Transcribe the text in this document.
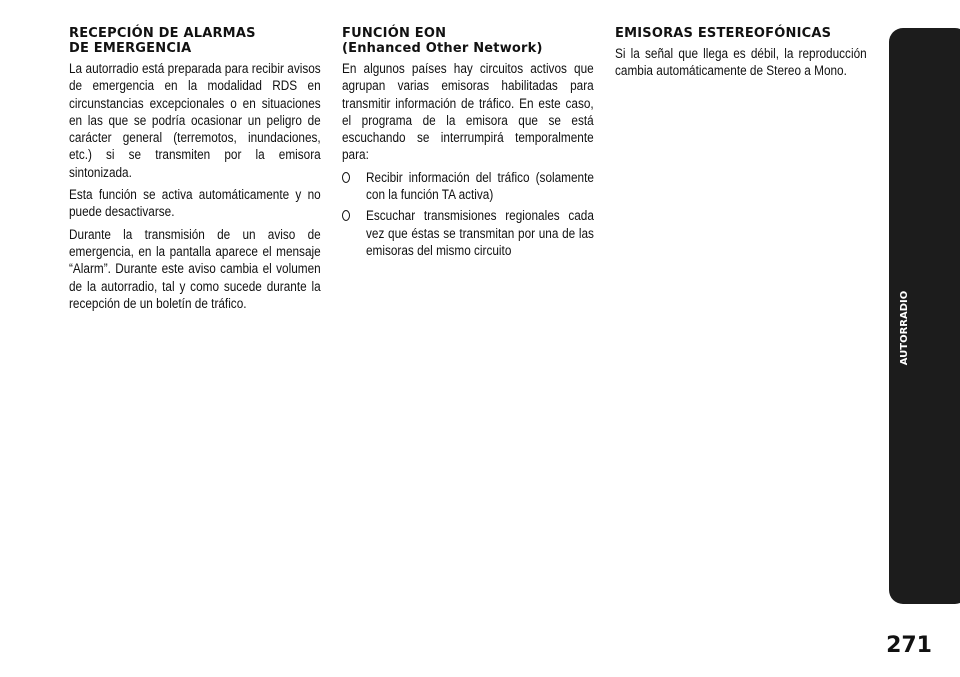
RECEPCIÓN DE ALARMAS
DE EMERGENCIA

La autorradio está preparada para recibir avisos de emergencia en la modalidad RDS en circunstancias excepcionales o en situaciones en las que se podría ocasionar un peligro de carácter general (terremotos, inundaciones, etc.) si se transmiten por la emisora sintonizada.

Esta función se activa automáticamente y no puede desactivarse.

Durante la transmisión de un aviso de emergencia, en la pantalla aparece el mensaje “Alarm”. Durante este aviso cambia el volumen de la autorradio, tal y como sucede durante la recepción de un boletín de tráfico.

FUNCIÓN EON
(Enhanced Other Network)

En algunos países hay circuitos activos que agrupan varias emisoras habilitadas para transmitir información de tráfico. En este caso, el programa de la emisora que se está escuchando se interrumpirá temporalmente para:

Recibir información del tráfico (solamente con la función TA activa)
Escuchar transmisiones regionales cada vez que éstas se transmitan por una de las emisoras del mismo circuito
EMISORAS ESTEREOFÓNICAS

Si la señal que llega es débil, la reproducción cambia automáticamente de Stereo a Mono.

AUTORRADIO
271
